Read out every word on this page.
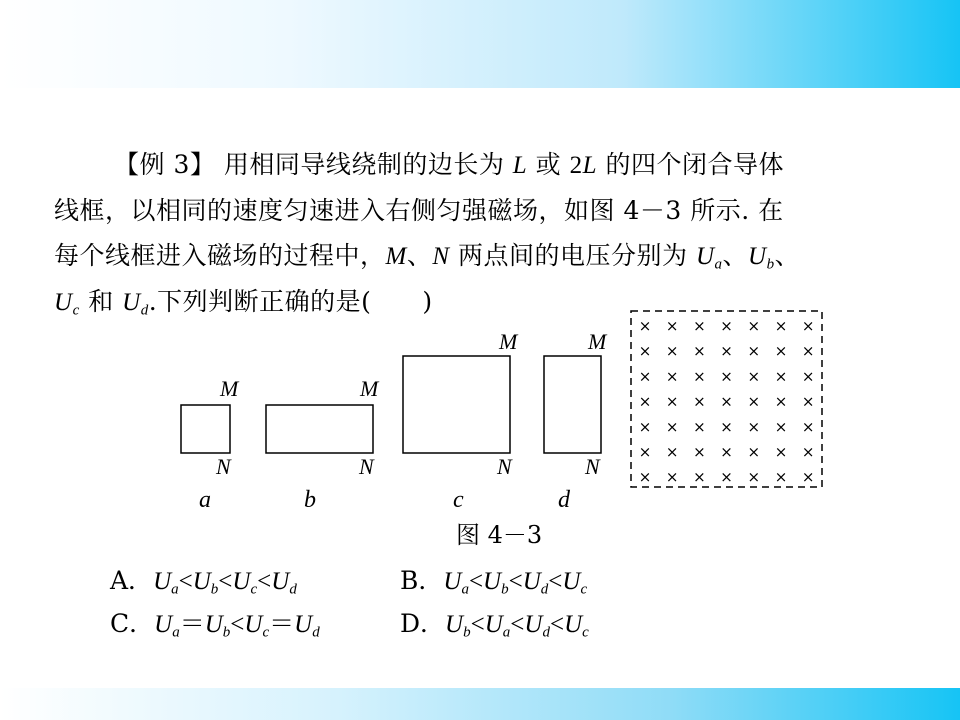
【例 3】 用相同导线绕制的边长为 L 或 2L 的四个闭合导体
线框，以相同的速度匀速进入右侧匀强磁场，如图 4－3 所示. 在
每个线框进入磁场的过程中，M、N 两点间的电压分别为 $U_a$、$U_b$、
$U_c$ 和 $U_d$.下列判断正确的是(　　)
M
N
M
N
M
N
M
N
a	b	c	d
× × × × × × ×
× × × × × × ×
× × × × × × ×
× × × × × × ×
× × × × × × ×
× × × × × × ×
× × × × × × ×
图 4－3
A．$U_a<U_b<U_c<U_d$	B．$U_a<U_b<U_d<U_c$
C．$U_a=U_b<U_c=U_d$	D．$U_b<U_a<U_d<U_c$
